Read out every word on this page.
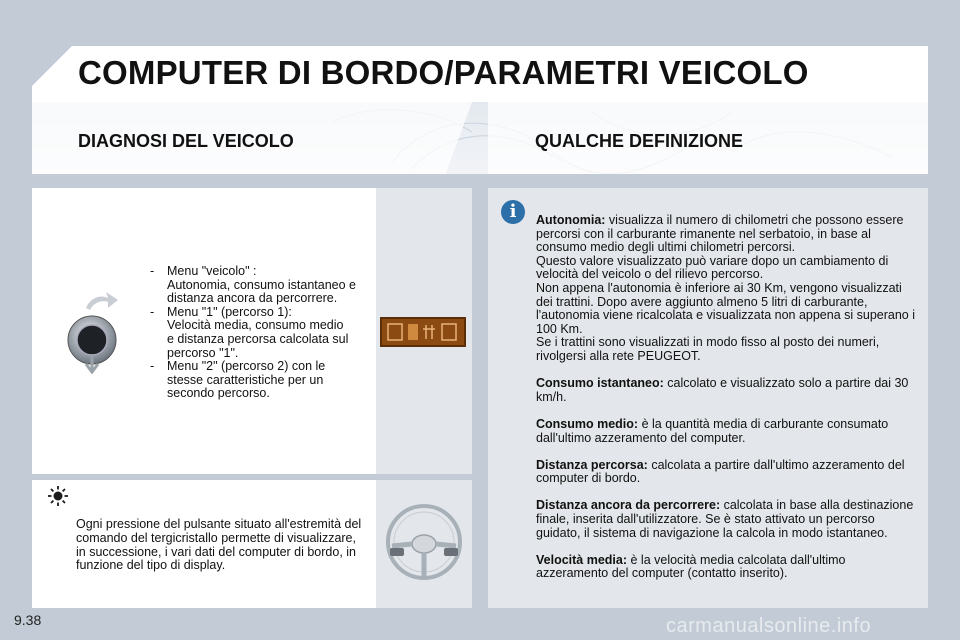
COMPUTER DI BORDO/PARAMETRI VEICOLO
DIAGNOSI DEL VEICOLO	QUALCHE DEFINIZIONE
- Menu "veicolo" :
Autonomia, consumo istantaneo e
distanza ancora da percorrere.
- Menu "1" (percorso 1):
Velocità media, consumo medio
e distanza percorsa calcolata sul
percorso "1".
- Menu "2" (percorso 2) con le
stesse caratteristiche per un
secondo percorso.
Ogni pressione del pulsante situato all'estremità del comando del tergicristallo permette di visualizzare, in successione, i vari dati del computer di bordo, in funzione del tipo di display.
i	Autonomia: visualizza il numero di chilometri che possono essere percorsi con il carburante rimanente nel serbatoio, in base al consumo medio degli ultimi chilometri percorsi.
Questo valore visualizzato può variare dopo un cambiamento di velocità del veicolo o del rilievo percorso.
Non appena l'autonomia è inferiore ai 30 Km, vengono visualizzati dei trattini. Dopo avere aggiunto almeno 5 litri di carburante, l'autonomia viene ricalcolata e visualizzata non appena si superano i 100 Km.
Se i trattini sono visualizzati in modo fisso al posto dei numeri, rivolgersi alla rete PEUGEOT.

Consumo istantaneo: calcolato e visualizzato solo a partire dai 30 km/h.

Consumo medio: è la quantità media di carburante consumato dall'ultimo azzeramento del computer.

Distanza percorsa: calcolata a partire dall'ultimo azzeramento del computer di bordo.

Distanza ancora da percorrere: calcolata in base alla destinazione finale, inserita dall'utilizzatore. Se è stato attivato un percorso guidato, il sistema di navigazione la calcola in modo istantaneo.

Velocità media: è la velocità media calcolata dall'ultimo azzeramento del computer (contatto inserito).

9.38	carmanualsonline.info
